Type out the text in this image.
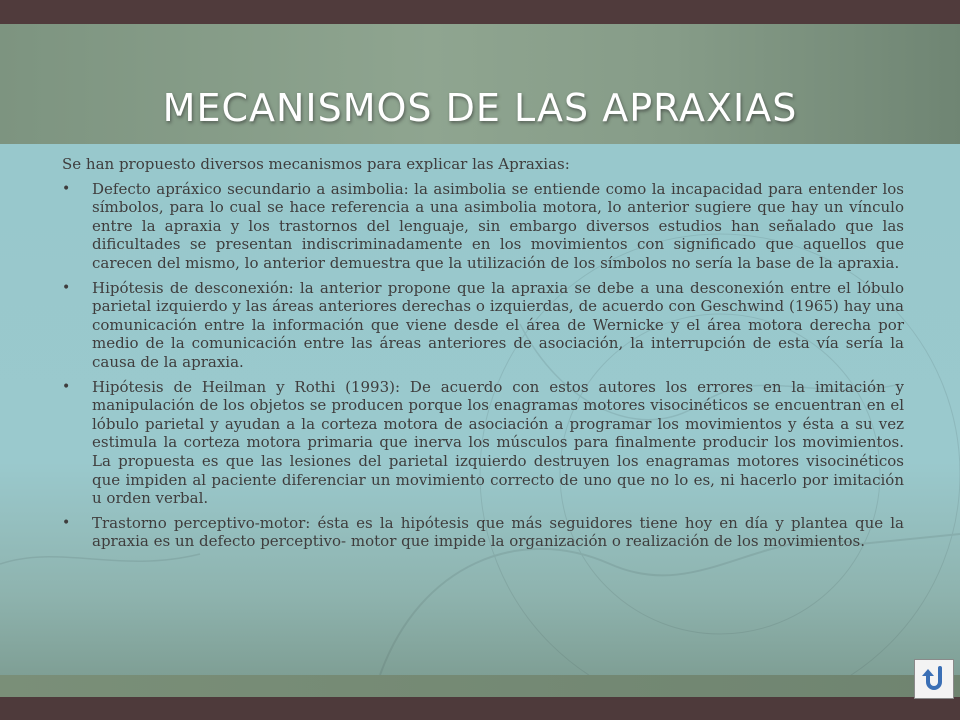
MECANISMOS DE LAS APRAXIAS

Se han propuesto diversos mecanismos para explicar las Apraxias:

• Defecto apráxico secundario a asimbolia: la asimbolia se entiende como la incapacidad para entender los símbolos, para lo cual se hace referencia a una asimbolia motora, lo anterior sugiere que hay un vínculo entre la apraxia y los trastornos del lenguaje, sin embargo diversos estudios han señalado que las dificultades se presentan indiscriminadamente en los movimientos con significado que aquellos que carecen del mismo, lo anterior demuestra que la utilización de los símbolos no sería la base de la apraxia.
• Hipótesis de desconexión: la anterior propone que la apraxia se debe a una desconexión entre el lóbulo parietal izquierdo y las áreas anteriores derechas o izquierdas, de acuerdo con Geschwind (1965) hay una comunicación entre la información que viene desde el área de Wernicke y el área motora derecha por medio de la comunicación entre las áreas anteriores de asociación, la interrupción de esta vía sería la causa de la apraxia.
• Hipótesis de Heilman y Rothi (1993): De acuerdo con estos autores los errores en la imitación y manipulación de los objetos se producen porque los enagramas motores visocinéticos se encuentran en el lóbulo parietal y ayudan a la corteza motora de asociación a programar los movimientos y ésta a su vez estimula la corteza motora primaria que inerva los músculos para finalmente producir los movimientos. La propuesta es que las lesiones del parietal izquierdo destruyen los enagramas motores visocinéticos que impiden al paciente diferenciar un movimiento correcto de uno que no lo es, ni hacerlo por imitación u orden verbal.
• Trastorno perceptivo-motor: ésta es la hipótesis que más seguidores tiene hoy en día y plantea que la apraxia es un defecto perceptivo- motor que impide la organización o realización de los movimientos.
